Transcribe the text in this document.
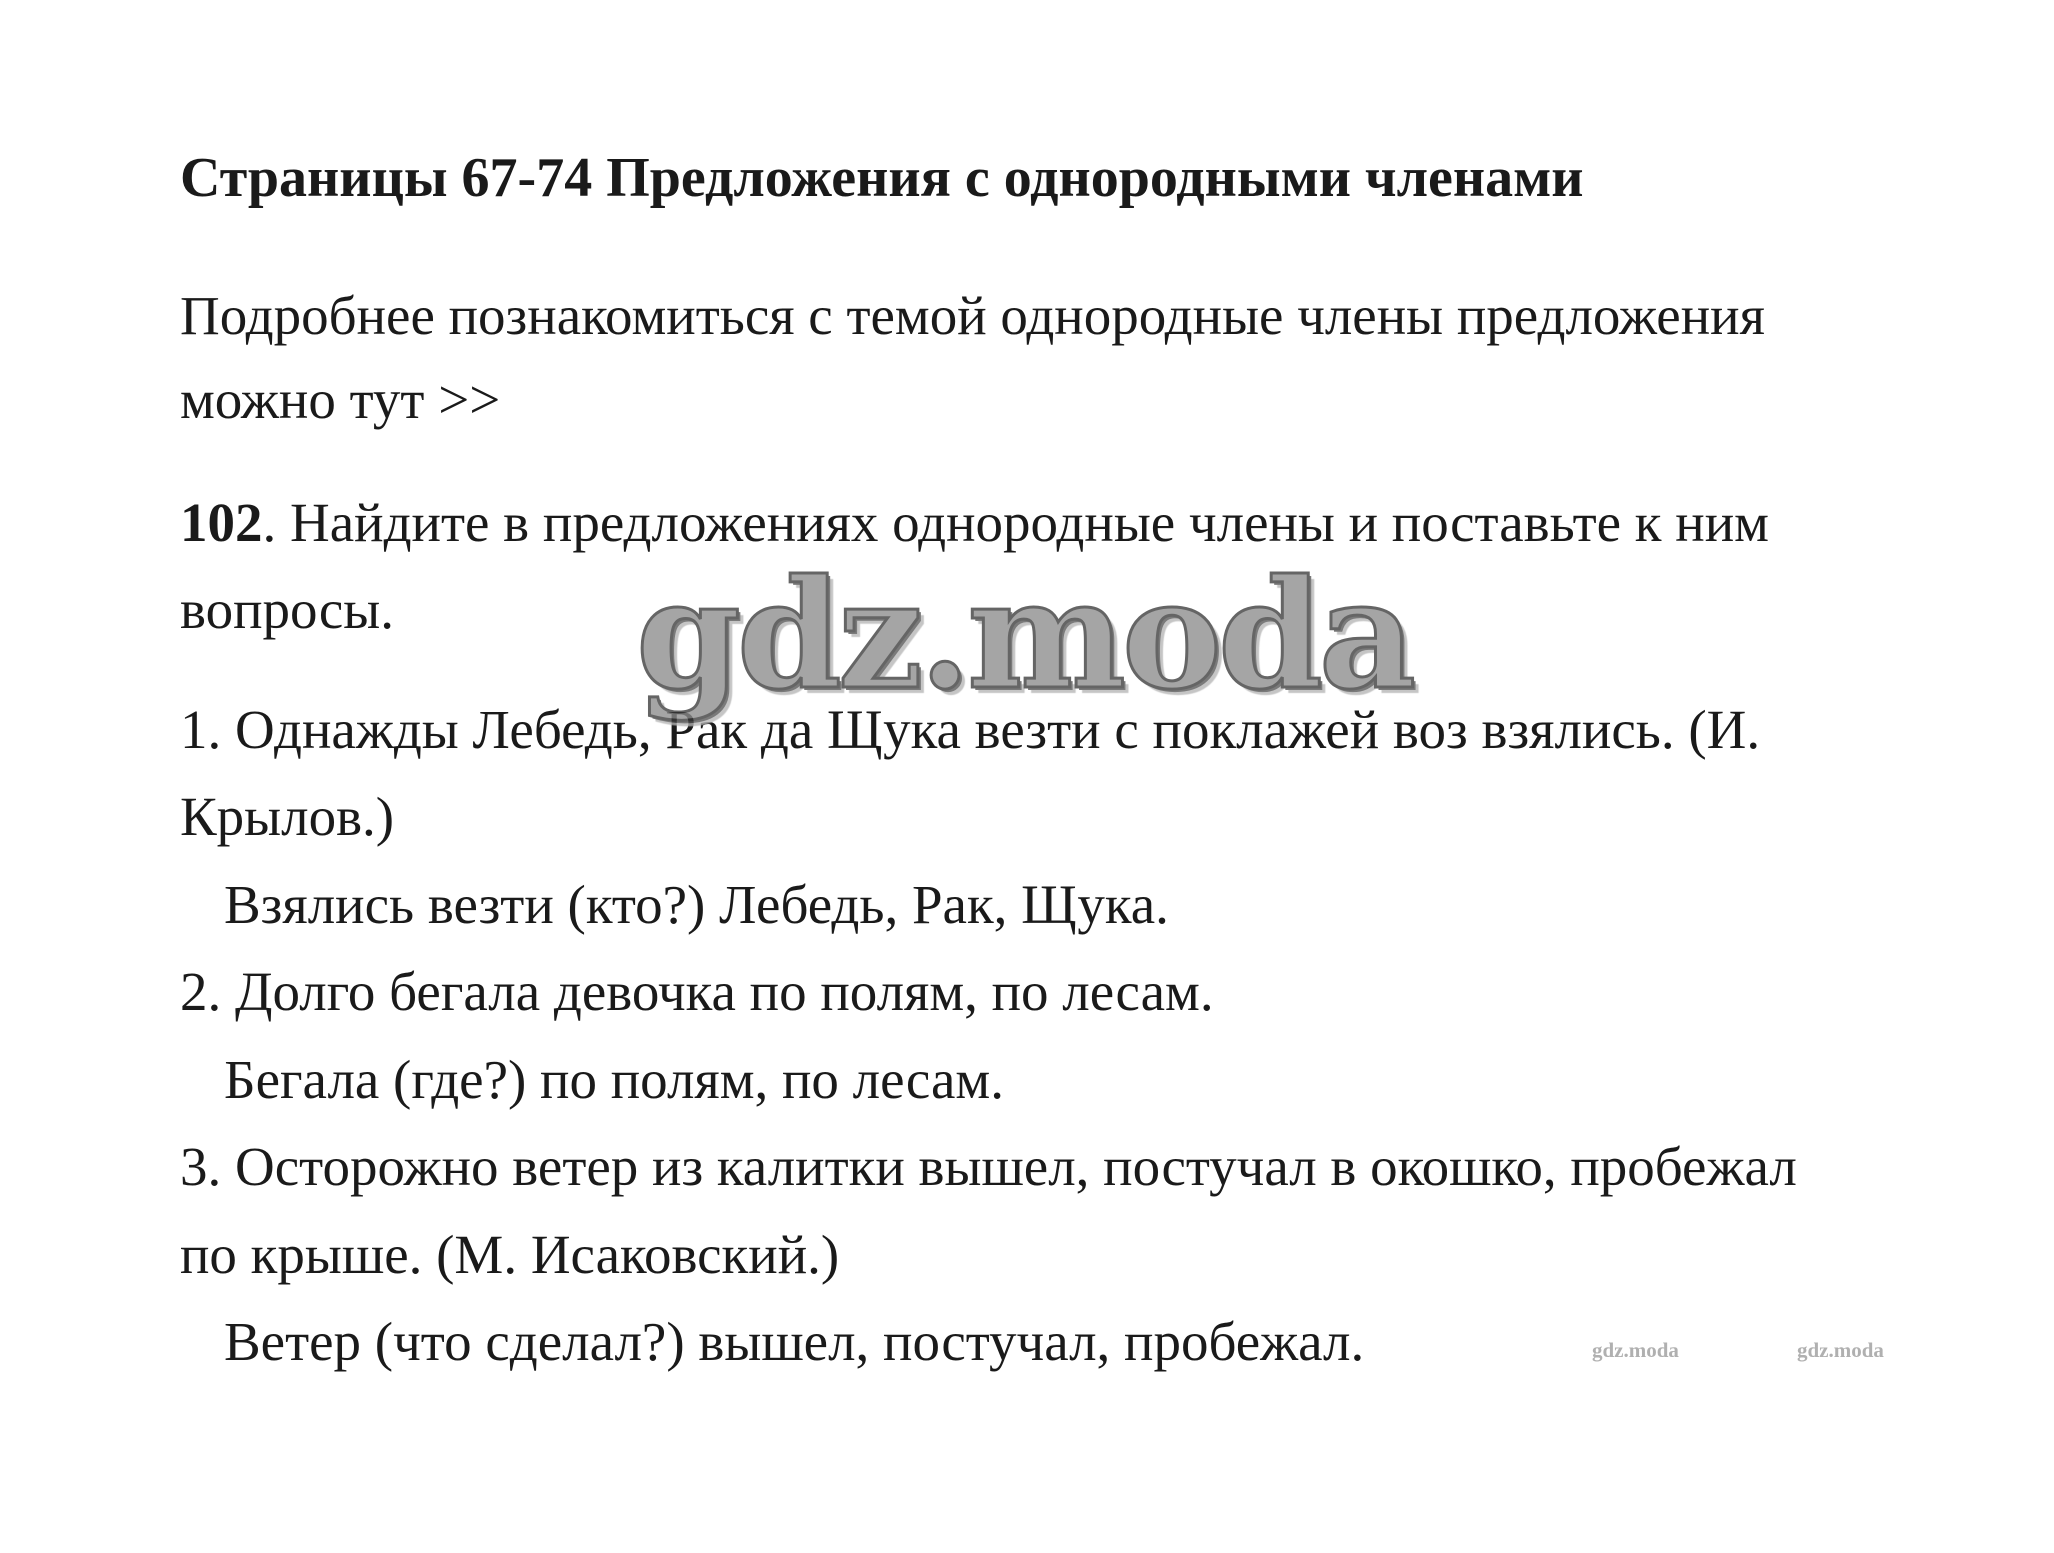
Страницы 67-74 Предложения с однородными членами

Подробнее познакомиться с темой однородные члены предложения

можно тут >>

102. Найдите в предложениях однородные члены и поставьте к ним

вопросы.

1. Однажды Лебедь, Рак да Щука везти с поклажей воз взялись. (И.

Крылов.)

Взялись везти (кто?) Лебедь, Рак, Щука.

2. Долго бегала девочка по полям, по лесам.

Бегала (где?) по полям, по лесам.

3. Осторожно ветер из калитки вышел, постучал в окошко, пробежал

по крыше. (М. Исаковский.)

Ветер (что сделал?) вышел, постучал, пробежал.

gdz.moda
gdz.moda	gdz.moda
